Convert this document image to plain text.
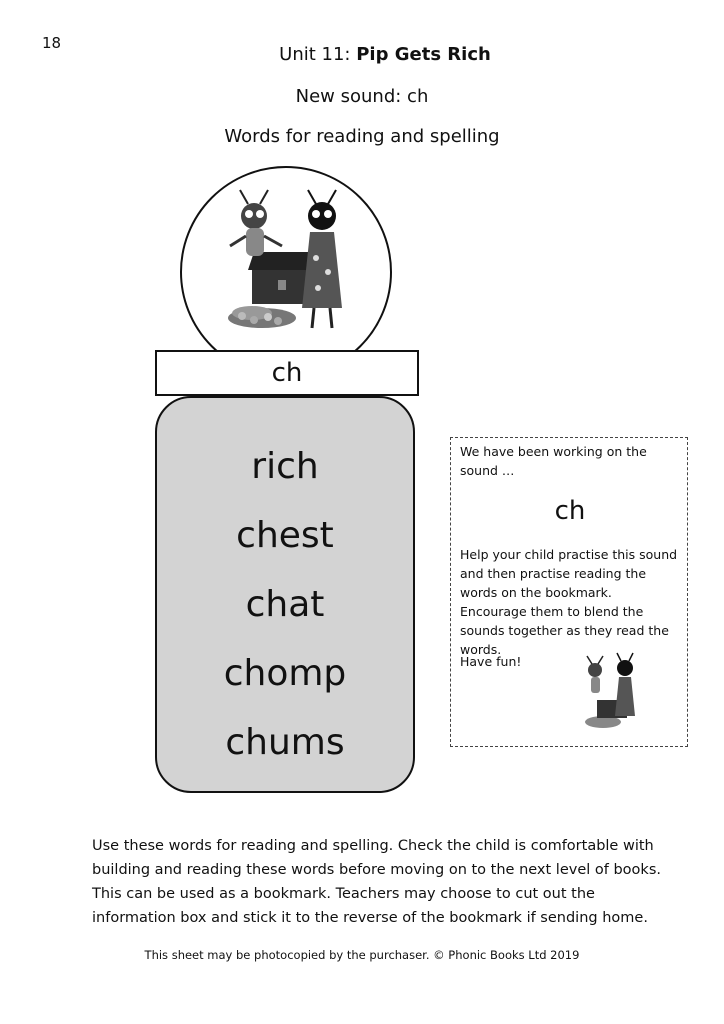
18
Unit 11: Pip Gets Rich
New sound: ch
Words for reading and spelling
ch
rich
chest
chat
chomp
chums
We have been working on the sound …
ch
Help your child practise this sound and then practise reading the words on the bookmark. Encourage them to blend the sounds together as they read the words.
Have fun!
Use these words for reading and spelling. Check the child is comfortable with building and reading these words before moving on to the next level of books. This can be used as a bookmark. Teachers may choose to cut out the information box and stick it to the reverse of the bookmark if sending home.
This sheet may be photocopied by the purchaser. © Phonic Books Ltd 2019
